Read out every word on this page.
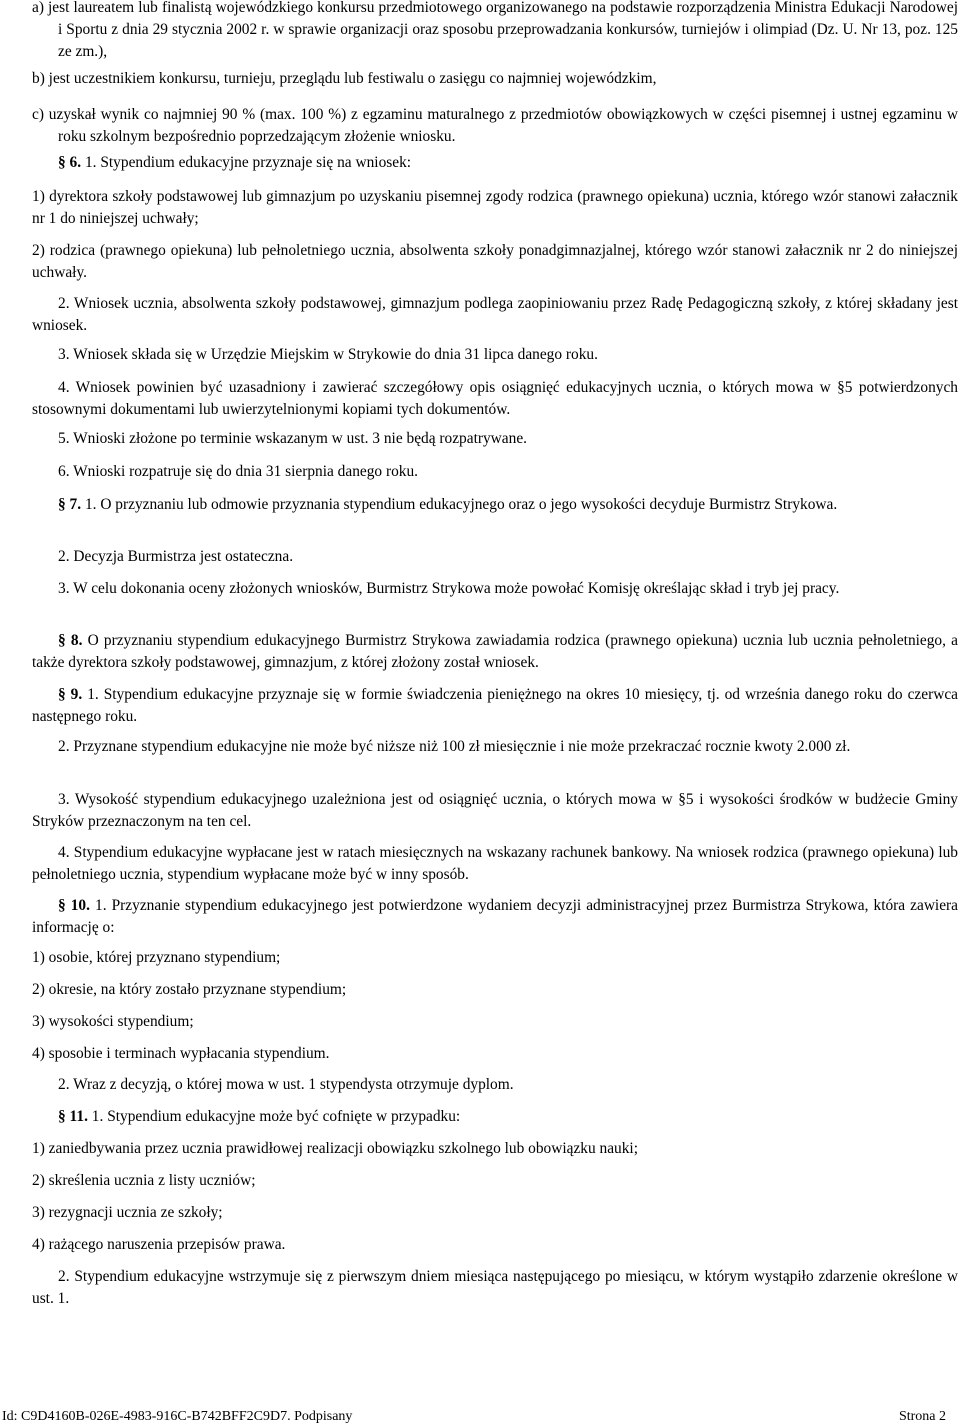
a) jest laureatem lub finalistą wojewódzkiego konkursu przedmiotowego organizowanego na podstawie rozporządzenia Ministra Edukacji Narodowej i Sportu z dnia 29 stycznia 2002 r. w sprawie organizacji oraz sposobu przeprowadzania konkursów, turniejów i olimpiad (Dz. U. Nr 13, poz. 125 ze zm.),
b) jest uczestnikiem konkursu, turnieju, przeglądu lub festiwalu o zasięgu co najmniej wojewódzkim,
c) uzyskał wynik co najmniej 90 % (max. 100 %) z egzaminu maturalnego z przedmiotów obowiązkowych w części pisemnej i ustnej egzaminu w roku szkolnym bezpośrednio poprzedzającym złożenie wniosku.
§ 6. 1. Stypendium edukacyjne przyznaje się na wniosek:
1) dyrektora szkoły podstawowej lub gimnazjum po uzyskaniu pisemnej zgody rodzica (prawnego opiekuna) ucznia, którego wzór stanowi załacznik nr 1 do niniejszej uchwały;
2) rodzica (prawnego opiekuna) lub pełnoletniego ucznia, absolwenta szkoły ponadgimnazjalnej, którego wzór stanowi załacznik nr 2 do niniejszej uchwały.
2. Wniosek ucznia, absolwenta szkoły podstawowej, gimnazjum podlega zaopiniowaniu przez Radę Pedagogiczną szkoły, z której składany jest wniosek.
3. Wniosek składa się w Urzędzie Miejskim w Strykowie do dnia 31 lipca danego roku.
4. Wniosek powinien być uzasadniony i zawierać szczegółowy opis osiągnięć edukacyjnych ucznia, o których mowa w §5 potwierdzonych stosownymi dokumentami lub uwierzytelnionymi kopiami tych dokumentów.
5. Wnioski złożone po terminie wskazanym w ust. 3 nie będą rozpatrywane.
6. Wnioski rozpatruje się do dnia 31 sierpnia danego roku.
§ 7. 1. O przyznaniu lub odmowie przyznania stypendium edukacyjnego oraz o jego wysokości decyduje Burmistrz Strykowa.
2. Decyzja Burmistrza jest ostateczna.
3. W celu dokonania oceny złożonych wniosków, Burmistrz Strykowa może powołać Komisję określając skład i tryb jej pracy.
§ 8. O przyznaniu stypendium edukacyjnego Burmistrz Strykowa zawiadamia rodzica (prawnego opiekuna) ucznia lub ucznia pełnoletniego, a także dyrektora szkoły podstawowej, gimnazjum, z której złożony został wniosek.
§ 9. 1. Stypendium edukacyjne przyznaje się w formie świadczenia pieniężnego na okres 10 miesięcy, tj. od września danego roku do czerwca następnego roku.
2. Przyznane stypendium edukacyjne nie może być niższe niż 100 zł miesięcznie i nie może przekraczać rocznie kwoty 2.000 zł.
3. Wysokość stypendium edukacyjnego uzależniona jest od osiągnięć ucznia, o których mowa w §5 i wysokości środków w budżecie Gminy Stryków przeznaczonym na ten cel.
4. Stypendium edukacyjne wypłacane jest w ratach miesięcznych na wskazany rachunek bankowy. Na wniosek rodzica (prawnego opiekuna) lub pełnoletniego ucznia, stypendium wypłacane może być w inny sposób.
§ 10. 1. Przyznanie stypendium edukacyjnego jest potwierdzone wydaniem decyzji administracyjnej przez Burmistrza Strykowa, która zawiera informację o:
1) osobie, której przyznano stypendium;
2) okresie, na który zostało przyznane stypendium;
3) wysokości stypendium;
4) sposobie i terminach wypłacania stypendium.
2. Wraz z decyzją, o której mowa w ust. 1 stypendysta otrzymuje dyplom.
§ 11. 1. Stypendium edukacyjne może być cofnięte w przypadku:
1) zaniedbywania przez ucznia prawidłowej realizacji obowiązku szkolnego lub obowiązku nauki;
2) skreślenia ucznia z listy uczniów;
3) rezygnacji ucznia ze szkoły;
4) rażącego naruszenia przepisów prawa.
2. Stypendium edukacyjne wstrzymuje się z pierwszym dniem miesiąca następującego po miesiącu, w którym wystąpiło zdarzenie określone w ust. 1.
Id: C9D4160B-026E-4983-916C-B742BFF2C9D7. Podpisany	Strona 2
